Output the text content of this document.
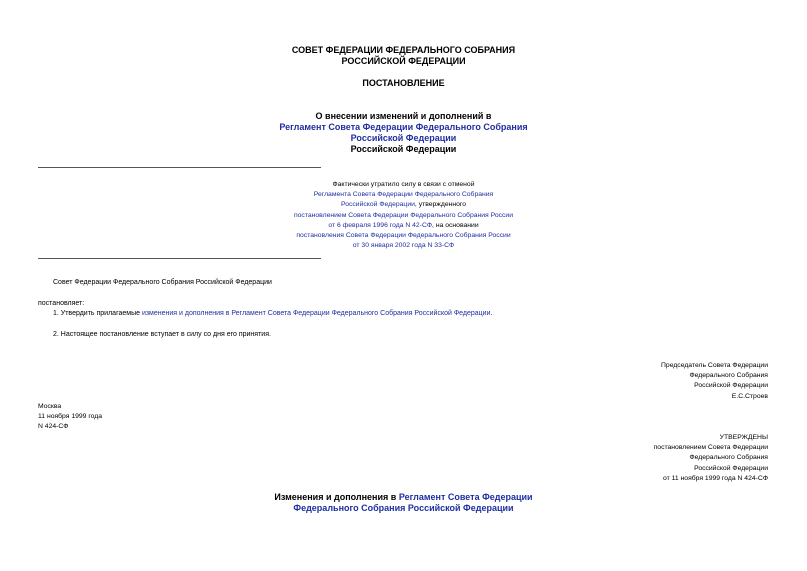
СОВЕТ ФЕДЕРАЦИИ ФЕДЕРАЛЬНОГО СОБРАНИЯ
РОССИЙСКОЙ ФЕДЕРАЦИИ
ПОСТАНОВЛЕНИЕ
О внесении изменений и дополнений в
Регламент Совета Федерации Федерального Собрания
Российской Федерации
Российской Федерации
Фактически утратило силу в связи с отменой
Регламента Совета Федерации Федерального Собрания
Российской Федерации, утвержденного
постановлением Совета Федерации Федерального Собрания России
от 6 февраля 1996 года N 42-СФ, на основании
постановления Совета Федерации Федерального Собрания России
от 30 января 2002 года N 33-СФ
Совет Федерации Федерального Собрания Российской Федерации
постановляет:
1. Утвердить прилагаемые изменения и дополнения в Регламент Совета Федерации Федерального Собрания Российской Федерации.
2. Настоящее постановление вступает в силу со дня его принятия.
Председатель Совета Федерации
Федерального Собрания
Российской Федерации
Е.С.Строев
Москва
11 ноября 1999 года
N 424-СФ
УТВЕРЖДЕНЫ
постановлением Совета Федерации
Федерального Собрания
Российской Федерации
от 11 ноября 1999 года N 424-СФ
Изменения и дополнения в Регламент Совета Федерации
Федерального Собрания Российской Федерации
